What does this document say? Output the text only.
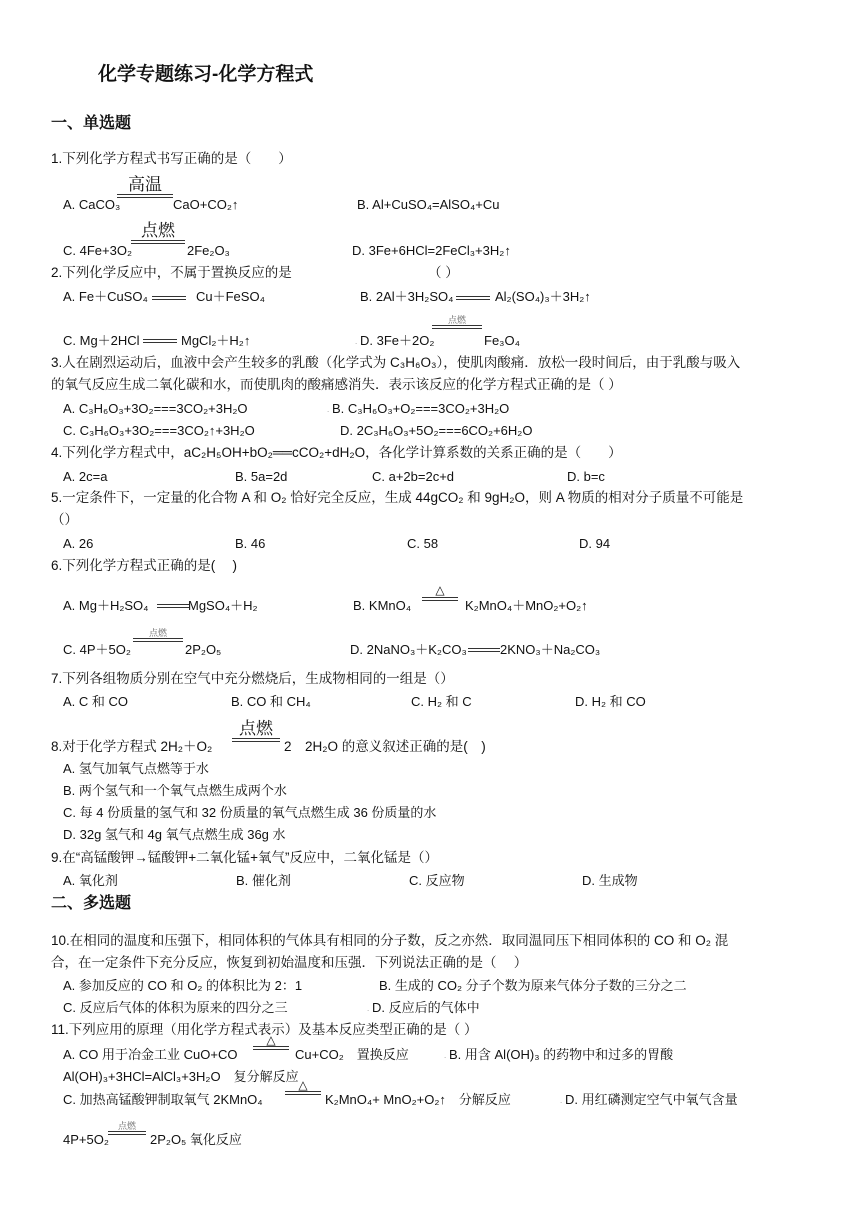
化学专题练习-化学方程式
一、单选题
1.下列化学方程式书写正确的是（　　）
A. CaCO₃
高温
CaO+CO₂↑	B. Al+CuSO₄=AlSO₄+Cu
C. 4Fe+3O₂
点燃
2Fe₂O₃	D. 3Fe+6HCl=2FeCl₃+3H₂↑
2.下列化学反应中，不属于置换反应的是	（ ）
A. Fe＋CuSO₄	Cu＋FeSO₄	B. 2Al＋3H₂SO₄	Al₂(SO₄)₃＋3H₂↑
C. Mg＋2HCl	MgCl₂＋H₂↑	. D. 3Fe＋2O₂
点燃
Fe₃O₄
3.人在剧烈运动后，血液中会产生较多的乳酸（化学式为 C₃H₆O₃），使肌肉酸痛．放松一段时间后，由于乳酸与吸入
的氧气反应生成二氧化碳和水，而使肌肉的酸痛感消失．表示该反应的化学方程式正确的是（ ）
A. C₃H₆O₃+3O₂===3CO₂+3H₂O	. B. C₃H₆O₃+O₂===3CO₂+3H₂O
C. C₃H₆O₃+3O₂===3CO₂↑+3H₂O	D. 2C₃H₆O₃+5O₂===6CO₂+6H₂O
4.下列化学方程式中，aC₂H₅OH+bO₂══cCO₂+dH₂O，各化学计算系数的关系正确的是（　　）
A. 2c=a	B. 5a=2d	C. a+2b=2c+d	D. b=c
5.一定条件下，一定量的化合物 A 和 O₂ 恰好完全反应，生成 44gCO₂ 和 9gH₂O，则 A 物质的相对分子质量不可能是
（）
A. 26	B. 46	C. 58	D. 94
6.下列化学方程式正确的是(　 )
A. Mg＋H₂SO₄	MgSO₄＋H₂	B. KMnO₄
△
K₂MnO₄＋MnO₂+O₂↑
C. 4P＋5O₂
点燃
2P₂O₅	D. 2NaNO₃＋K₂CO₃	2KNO₃＋Na₂CO₃
7.下列各组物质分别在空气中充分燃烧后，生成物相同的一组是（）
A. C 和 CO	B. CO 和 CH₄	C. H₂ 和 C	D. H₂ 和 CO
8.对于化学方程式 2H₂＋O₂
点燃
2　2H₂O 的意义叙述正确的是(　)
A. 氢气加氧气点燃等于水
B. 两个氢气和一个氧气点燃生成两个水
C. 每 4 份质量的氢气和 32 份质量的氧气点燃生成 36 份质量的水
D. 32g 氢气和 4g 氧气点燃生成 36g 水
9.在“高锰酸钾→锰酸钾+二氧化锰+氧气”反应中，二氧化锰是（）
A. 氧化剂	B. 催化剂	C. 反应物	D. 生成物
二、多选题
10.在相同的温度和压强下，相同体积的气体具有相同的分子数，反之亦然．取同温同压下相同体积的 CO 和 O₂ 混
合，在一定条件下充分反应，恢复到初始温度和压强．下列说法正确的是（　 ）
A. 参加反应的 CO 和 O₂ 的体积比为 2：1	B. 生成的 CO₂ 分子个数为原来气体分子数的三分之二
C. 反应后气体的体积为原来的四分之三	. D. 反应后的气体中
11.下列应用的原理（用化学方程式表示）及基本反应类型正确的是（ ）
A. CO 用于冶金工业 CuO+CO
△
Cu+CO₂　置换反应	. B. 用含 Al(OH)₃ 的药物中和过多的胃酸
Al(OH)₃+3HCl=AlCl₃+3H₂O　复分解反应
C. 加热高锰酸钾制取氧气 2KMnO₄
△
K₂MnO₄+ MnO₂+O₂↑　分解反应	. D. 用红磷测定空气中氧气含量
4P+5O₂
点燃
2P₂O₅ 氧化反应
